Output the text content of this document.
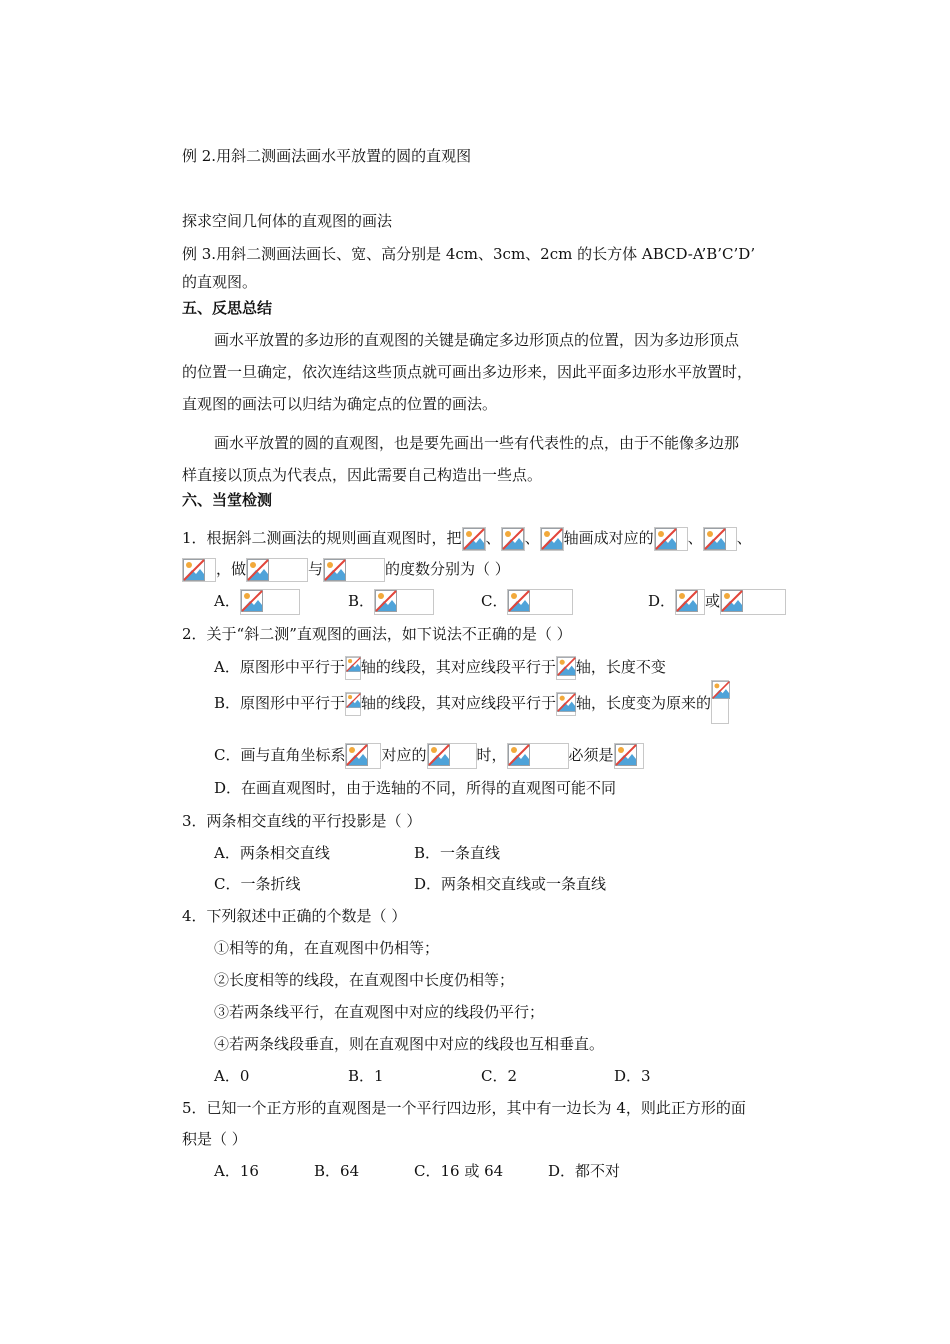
例 2.用斜二测画法画水平放置的圆的直观图
探求空间几何体的直观图的画法
例 3.用斜二测画法画长、宽、高分别是 4cm、3cm、2cm 的长方体 ABCD-A’B’C’D’
的直观图。
五、反思总结
画水平放置的多边形的直观图的关键是确定多边形顶点的位置，因为多边形顶点
的位置一旦确定，依次连结这些顶点就可画出多边形来，因此平面多边形水平放置时，
直观图的画法可以归结为确定点的位置的画法。
画水平放置的圆的直观图，也是要先画出一些有代表性的点，由于不能像多边那
样直接以顶点为代表点，因此需要自己构造出一些点。
六、当堂检测
1．根据斜二测画法的规则画直观图时，把 、 、 轴画成对应的 、 、
，做	与	的度数分别为（ ）
A．	B．	C．	D． 或
2．关于“斜二测”直观图的画法，如下说法不正确的是（ ）
A．原图形中平行于 轴的线段，其对应线段平行于 轴，长度不变
B．原图形中平行于 轴的线段，其对应线段平行于 轴，长度变为原来的
C．画与直角坐标系 对应的	时，	必须是
D．在画直观图时，由于选轴的不同，所得的直观图可能不同
3．两条相交直线的平行投影是（ ）
A．两条相交直线	B．一条直线
C．一条折线	D．两条相交直线或一条直线
4．下列叙述中正确的个数是（ ）
①相等的角，在直观图中仍相等；
②长度相等的线段，在直观图中长度仍相等；
③若两条线平行，在直观图中对应的线段仍平行；
④若两条线段垂直，则在直观图中对应的线段也互相垂直。
A．0	B．1	C．2	D．3
5．已知一个正方形的直观图是一个平行四边形，其中有一边长为 4，则此正方形的面
积是（ ）
A．16	B．64	C．16 或 64	D．都不对
